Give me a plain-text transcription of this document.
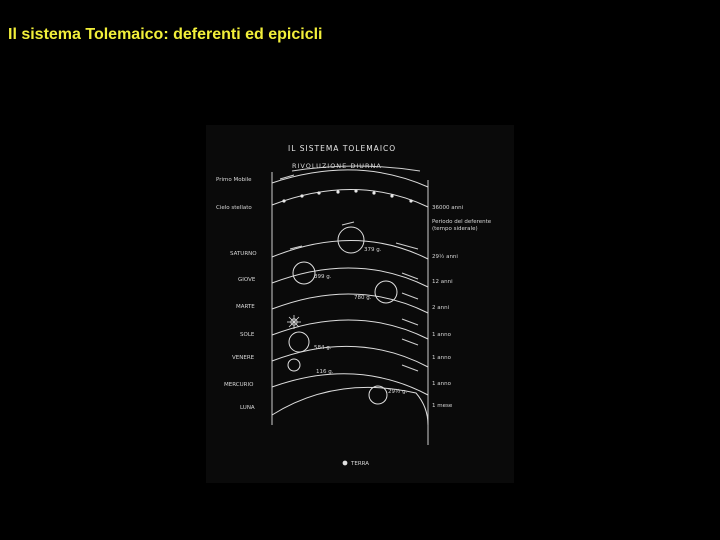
Il sistema Tolemaico: deferenti ed epicicli
IL SISTEMA TOLEMAICO
RIVOLUZIONE DIURNA
Primo Mobile
Cielo stellato
SATURNO
GIOVE
MARTE
SOLE
VENERE
MERCURIO
LUNA
379 g.
399 g.
780 g.
584 g.
116 g.
29½ g.
36000 anni
Periodo del deferente
(tempo siderale)
29½ anni
12 anni
2 anni
1 anno
1 anno
1 anno
1 mese
TERRA
